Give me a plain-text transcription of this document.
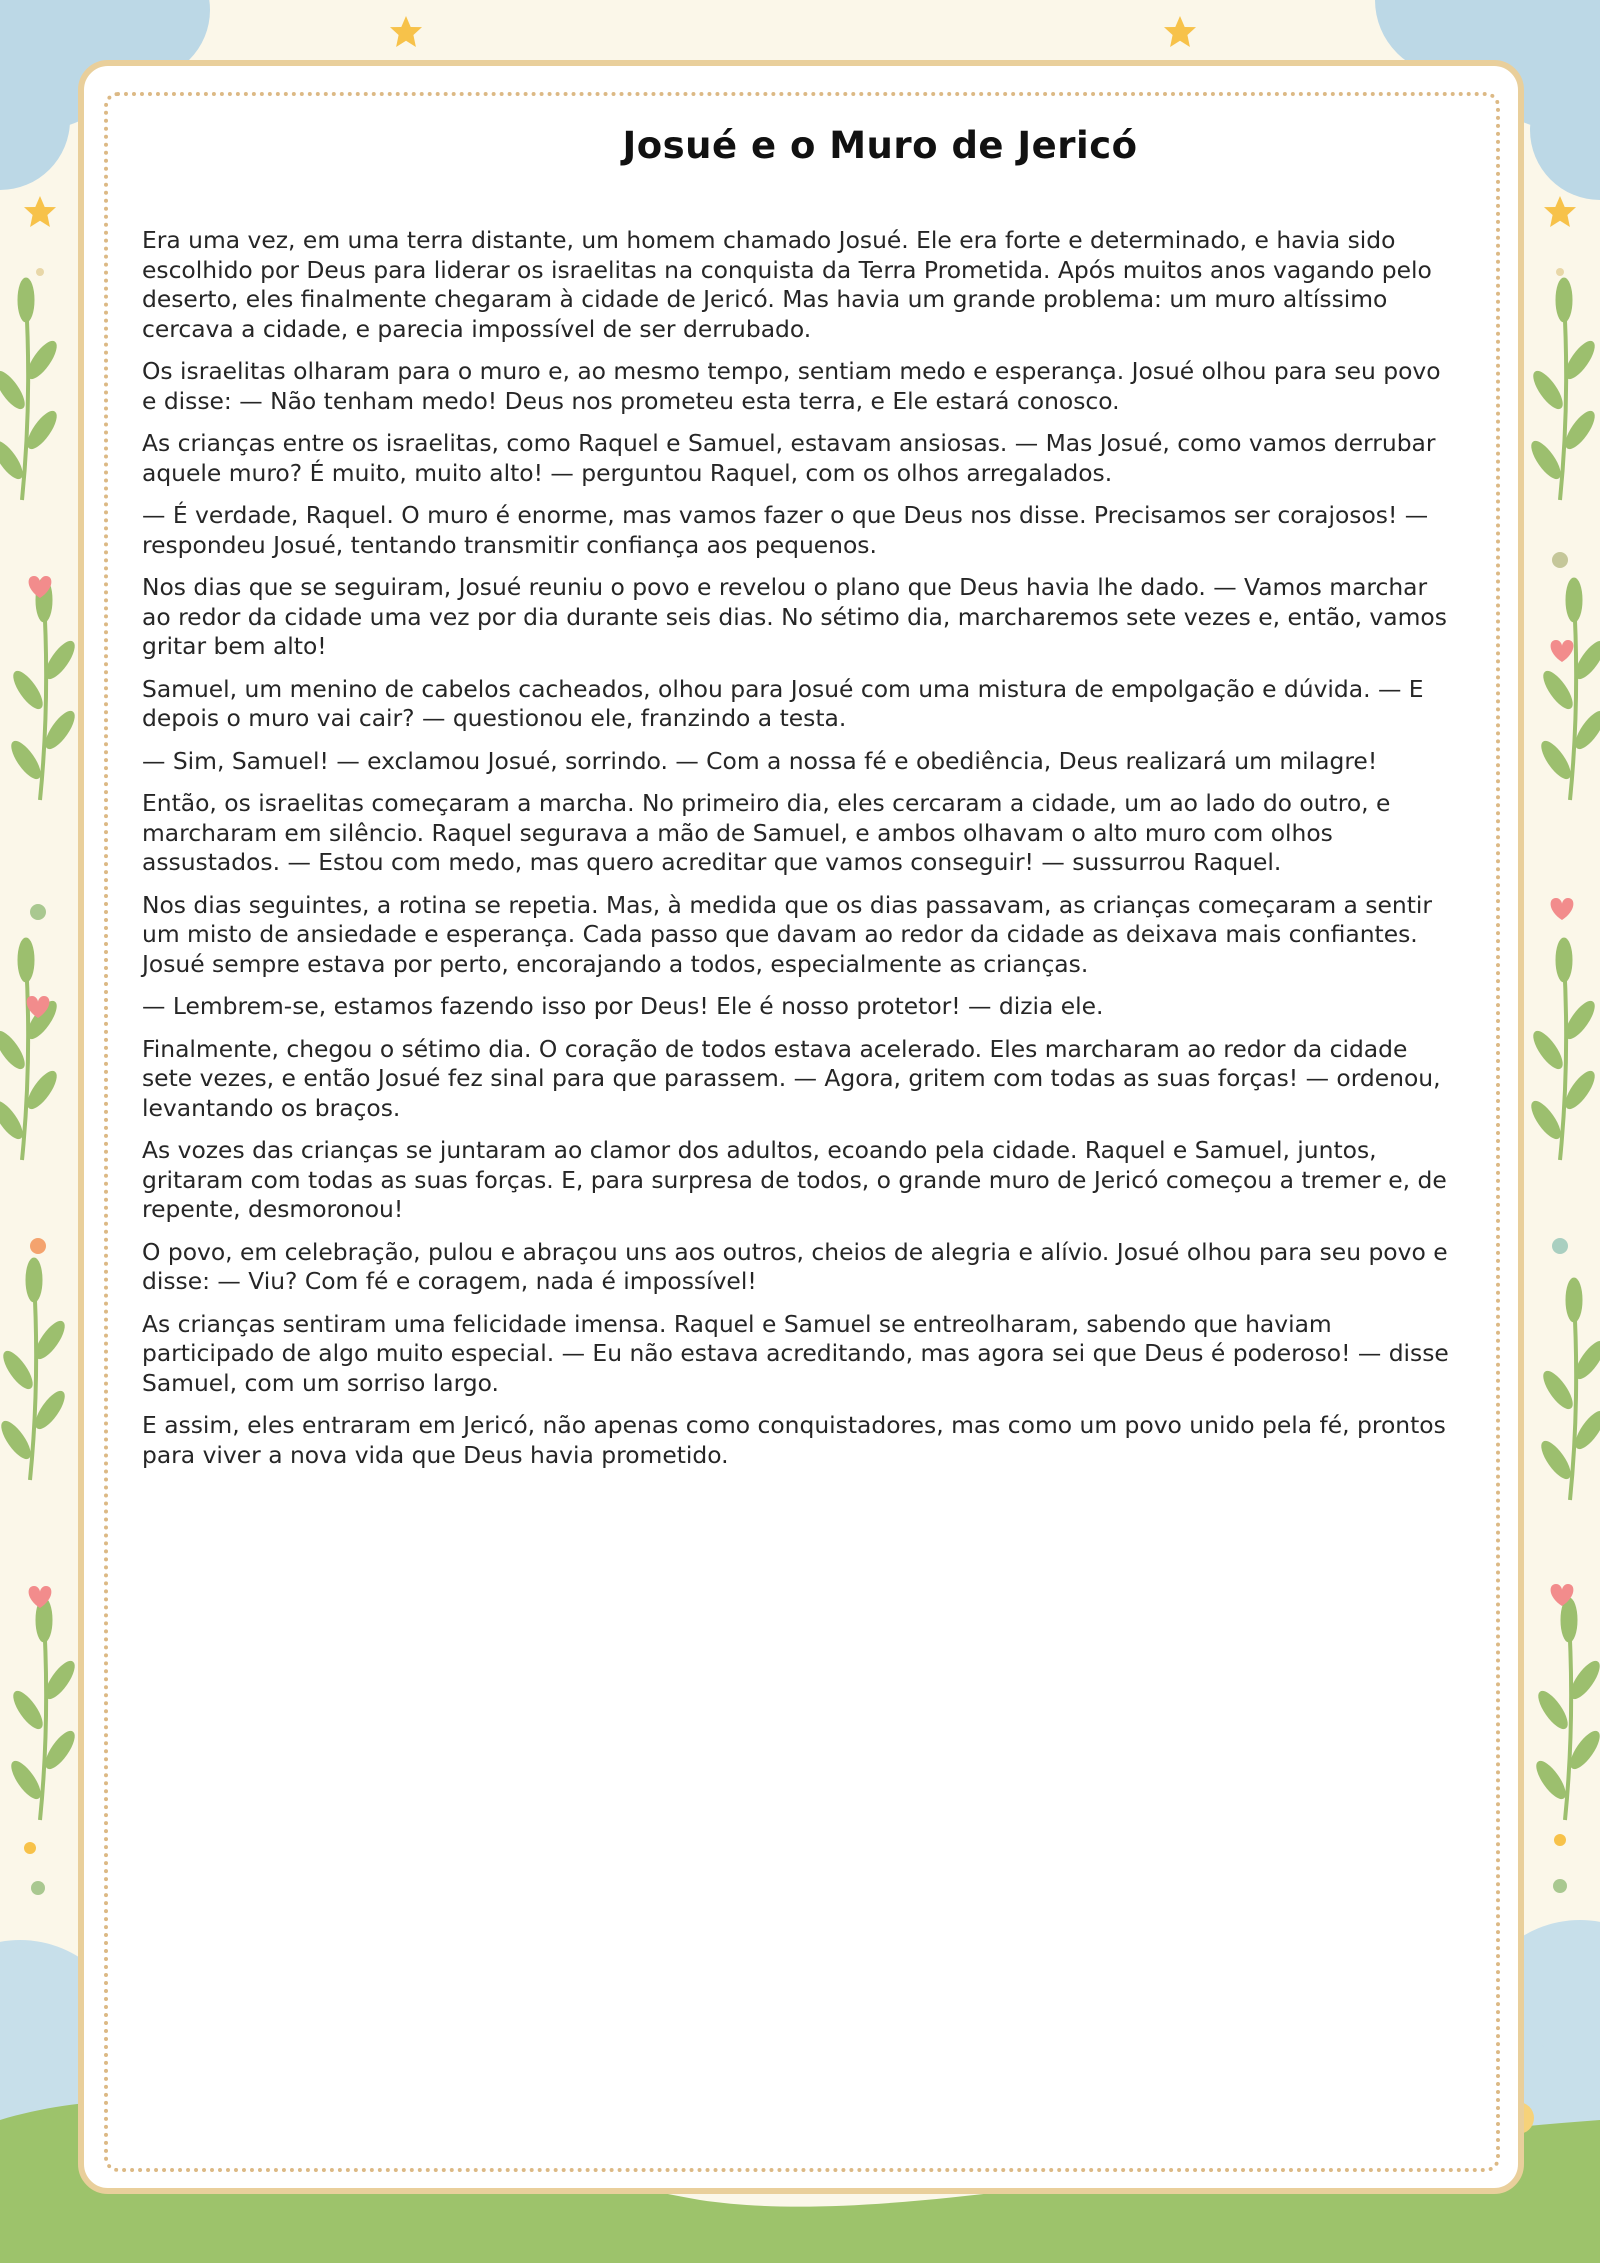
Josué e o Muro de Jericó

Era uma vez, em uma terra distante, um homem chamado Josué. Ele era forte e determinado, e havia sido escolhido por Deus para liderar os israelitas na conquista da Terra Prometida. Após muitos anos vagando pelo deserto, eles finalmente chegaram à cidade de Jericó. Mas havia um grande problema: um muro altíssimo cercava a cidade, e parecia impossível de ser derrubado.

Os israelitas olharam para o muro e, ao mesmo tempo, sentiam medo e esperança. Josué olhou para seu povo e disse: — Não tenham medo! Deus nos prometeu esta terra, e Ele estará conosco.

As crianças entre os israelitas, como Raquel e Samuel, estavam ansiosas. — Mas Josué, como vamos derrubar aquele muro? É muito, muito alto! — perguntou Raquel, com os olhos arregalados.

— É verdade, Raquel. O muro é enorme, mas vamos fazer o que Deus nos disse. Precisamos ser corajosos! — respondeu Josué, tentando transmitir confiança aos pequenos.

Nos dias que se seguiram, Josué reuniu o povo e revelou o plano que Deus havia lhe dado. — Vamos marchar ao redor da cidade uma vez por dia durante seis dias. No sétimo dia, marcharemos sete vezes e, então, vamos gritar bem alto!

Samuel, um menino de cabelos cacheados, olhou para Josué com uma mistura de empolgação e dúvida. — E depois o muro vai cair? — questionou ele, franzindo a testa.

— Sim, Samuel! — exclamou Josué, sorrindo. — Com a nossa fé e obediência, Deus realizará um milagre!

Então, os israelitas começaram a marcha. No primeiro dia, eles cercaram a cidade, um ao lado do outro, e marcharam em silêncio. Raquel segurava a mão de Samuel, e ambos olhavam o alto muro com olhos assustados. — Estou com medo, mas quero acreditar que vamos conseguir! — sussurrou Raquel.

Nos dias seguintes, a rotina se repetia. Mas, à medida que os dias passavam, as crianças começaram a sentir um misto de ansiedade e esperança. Cada passo que davam ao redor da cidade as deixava mais confiantes. Josué sempre estava por perto, encorajando a todos, especialmente as crianças.

— Lembrem-se, estamos fazendo isso por Deus! Ele é nosso protetor! — dizia ele.

Finalmente, chegou o sétimo dia. O coração de todos estava acelerado. Eles marcharam ao redor da cidade sete vezes, e então Josué fez sinal para que parassem. — Agora, gritem com todas as suas forças! — ordenou, levantando os braços.

As vozes das crianças se juntaram ao clamor dos adultos, ecoando pela cidade. Raquel e Samuel, juntos, gritaram com todas as suas forças. E, para surpresa de todos, o grande muro de Jericó começou a tremer e, de repente, desmoronou!

O povo, em celebração, pulou e abraçou uns aos outros, cheios de alegria e alívio. Josué olhou para seu povo e disse: — Viu? Com fé e coragem, nada é impossível!

As crianças sentiram uma felicidade imensa. Raquel e Samuel se entreolharam, sabendo que haviam participado de algo muito especial. — Eu não estava acreditando, mas agora sei que Deus é poderoso! — disse Samuel, com um sorriso largo.

E assim, eles entraram em Jericó, não apenas como conquistadores, mas como um povo unido pela fé, prontos para viver a nova vida que Deus havia prometido.
